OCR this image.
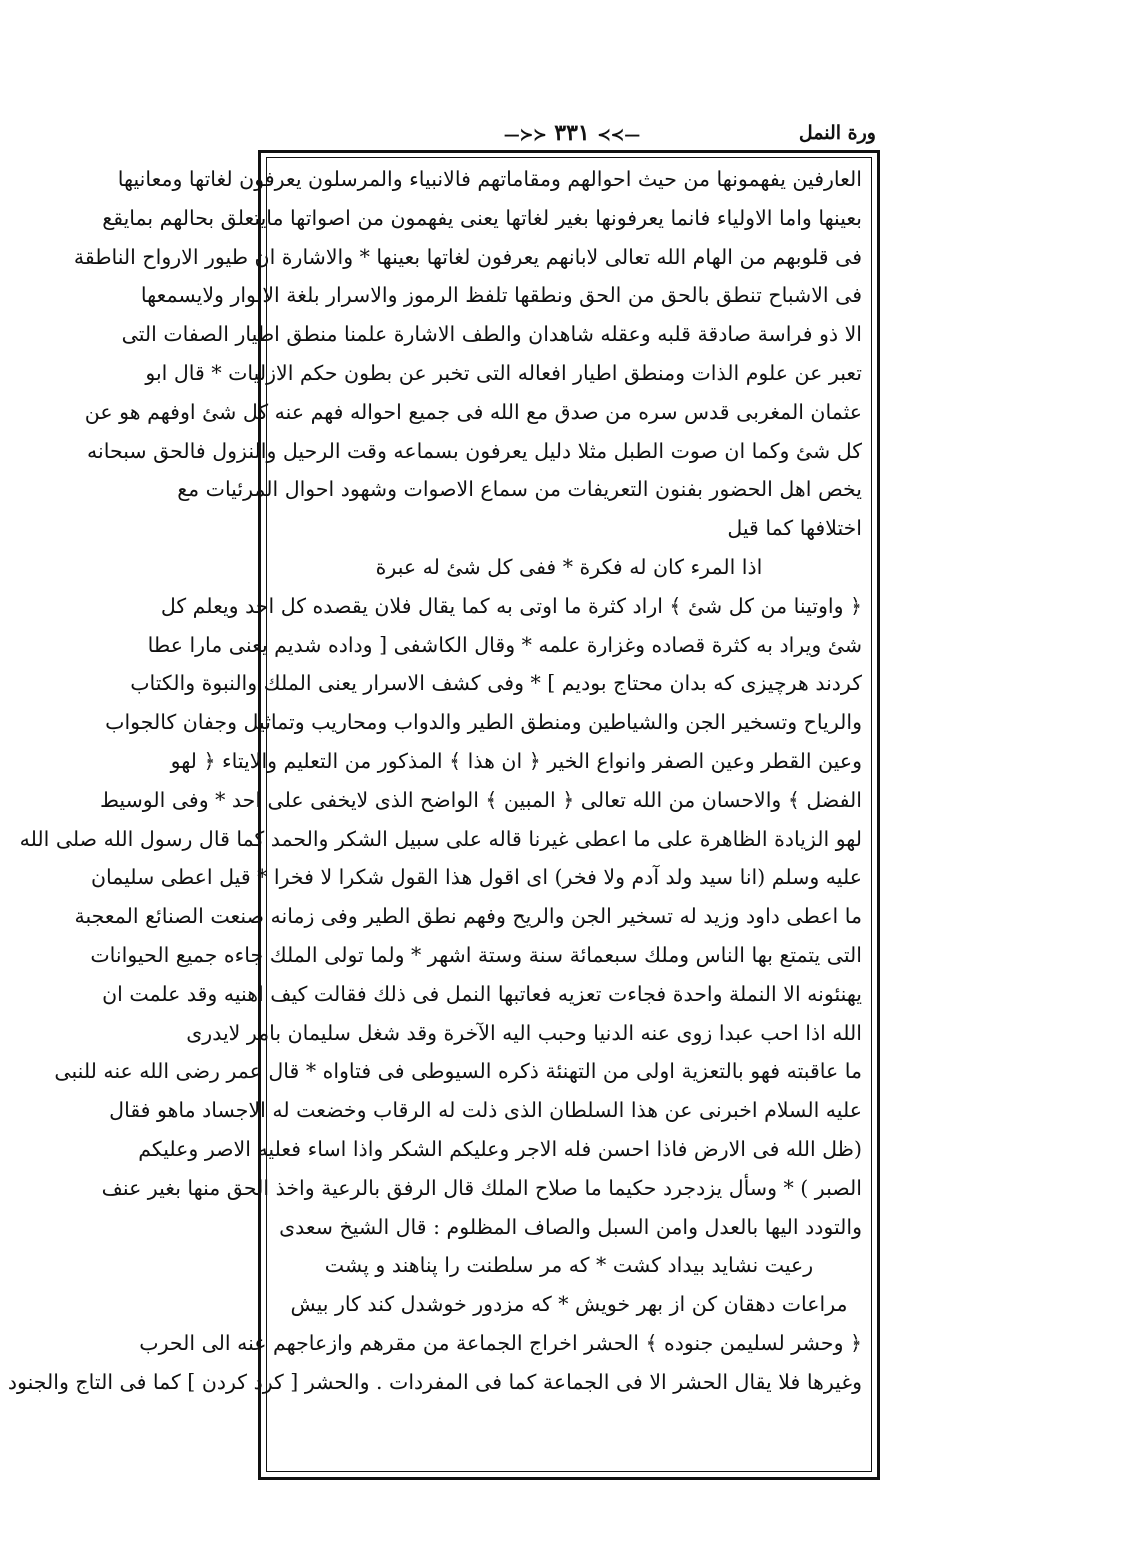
ورة النمل
—≻≻ ٣٣١ ≺≺—
العارفين يفهمونها من حيث احوالهم ومقاماتهم فالانبياء والمرسلون يعرفون لغاتها ومعانيها
بعينها واما الاولياء فانما يعرفونها بغير لغاتها يعنى يفهمون من اصواتها مايتعلق بحالهم بمايقع
فى قلوبهم من الهام الله تعالى لابانهم يعرفون لغاتها بعينها * والاشارة ان طيور الارواح الناطقة
فى الاشباح تنطق بالحق من الحق ونطقها تلفظ الرموز والاسرار بلغة الانوار ولايسمعها
الا ذو فراسة صادقة قلبه وعقله شاهدان والطف الاشارة علمنا منطق اطيار الصفات التى
تعبر عن علوم الذات ومنطق اطيار افعاله التى تخبر عن بطون حكم الازليات * قال ابو
عثمان المغربى قدس سره من صدق مع الله فى جميع احواله فهم عنه كل شئ اوفهم هو عن
كل شئ وكما ان صوت الطبل مثلا دليل يعرفون بسماعه وقت الرحيل والنزول فالحق سبحانه
يخص اهل الحضور بفنون التعريفات من سماع الاصوات وشهود احوال المرئيات مع
اختلافها كما قيل
اذا المرء كان له فكرة * ففى كل شئ له عبرة
﴿ واوتينا من كل شئ ﴾ اراد كثرة ما اوتى به كما يقال فلان يقصده كل احد ويعلم كل
شئ ويراد به كثرة قصاده وغزارة علمه * وقال الكاشفى [ وداده شديم يعنى مارا عطا
كردند هرچيزى كه بدان محتاج بوديم ] * وفى كشف الاسرار يعنى الملك والنبوة والكتاب
والرياح وتسخير الجن والشياطين ومنطق الطير والدواب ومحاريب وتماثيل وجفان كالجواب
وعين القطر وعين الصفر وانواع الخير ﴿ ان هذا ﴾ المذكور من التعليم والايتاء ﴿ لهو
الفضل ﴾ والاحسان من الله تعالى ﴿ المبين ﴾ الواضح الذى لايخفى على احد * وفى الوسيط
لهو الزيادة الظاهرة على ما اعطى غيرنا قاله على سبيل الشكر والحمد كما قال رسول الله صلى الله
عليه وسلم (انا سيد ولد آدم ولا فخر) اى اقول هذا القول شكرا لا فخرا * قيل اعطى سليمان
ما اعطى داود وزيد له تسخير الجن والريح وفهم نطق الطير وفى زمانه صنعت الصنائع المعجبة
التى يتمتع بها الناس وملك سبعمائة سنة وستة اشهر * ولما تولى الملك جاءه جميع الحيوانات
يهنئونه الا النملة واحدة فجاءت تعزيه فعاتبها النمل فى ذلك فقالت كيف اهنيه وقد علمت ان
الله اذا احب عبدا زوى عنه الدنيا وحبب اليه الآخرة وقد شغل سليمان بامر لايدرى
ما عاقبته فهو بالتعزية اولى من التهنئة ذكره السيوطى فى فتاواه * قال عمر رضى الله عنه للنبى
عليه السلام اخبرنى عن هذا السلطان الذى ذلت له الرقاب وخضعت له الاجساد ماهو فقال
(ظل الله فى الارض فاذا احسن فله الاجر وعليكم الشكر واذا اساء فعليه الاصر وعليكم
الصبر ) * وسأل يزدجرد حكيما ما صلاح الملك قال الرفق بالرعية واخذ الحق منها بغير عنف
والتودد اليها بالعدل وامن السبل والصاف المظلوم : قال الشيخ سعدى
رعيت نشايد بيداد كشت * كه مر سلطنت را پناهند و پشت
مراعات دهقان كن از بهر خويش * كه مزدور خوشدل كند كار بيش
﴿ وحشر لسليمن جنوده ﴾ الحشر اخراج الجماعة من مقرهم وازعاجهم عنه الى الحرب
وغيرها فلا يقال الحشر الا فى الجماعة كما فى المفردات . والحشر [ كرد كردن ] كما فى التاج والجنود
